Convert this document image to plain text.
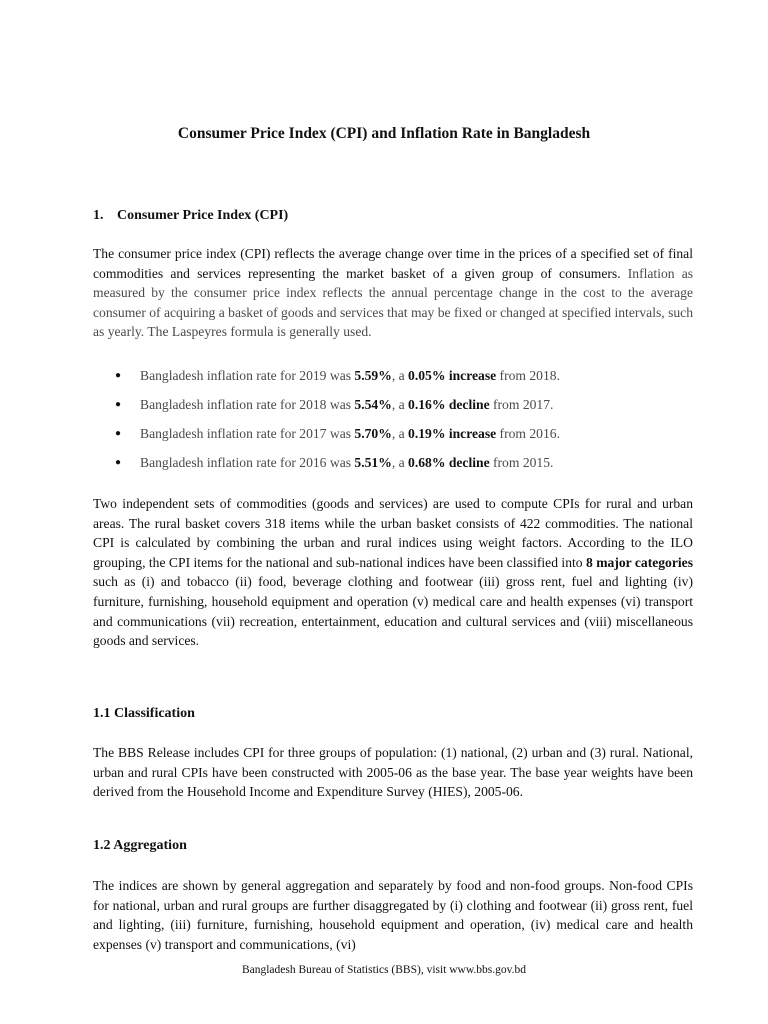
Consumer Price Index (CPI) and Inflation Rate in Bangladesh
1. Consumer Price Index (CPI)

The consumer price index (CPI) reflects the average change over time in the prices of a specified set of final commodities and services representing the market basket of a given group of consumers. Inflation as measured by the consumer price index reflects the annual percentage change in the cost to the average consumer of acquiring a basket of goods and services that may be fixed or changed at specified intervals, such as yearly. The Laspeyres formula is generally used.

● Bangladesh inflation rate for 2019 was 5.59%, a 0.05% increase from 2018.
● Bangladesh inflation rate for 2018 was 5.54%, a 0.16% decline from 2017.
● Bangladesh inflation rate for 2017 was 5.70%, a 0.19% increase from 2016.
● Bangladesh inflation rate for 2016 was 5.51%, a 0.68% decline from 2015.

Two independent sets of commodities (goods and services) are used to compute CPIs for rural and urban areas. The rural basket covers 318 items while the urban basket consists of 422 commodities. The national CPI is calculated by combining the urban and rural indices using weight factors. According to the ILO grouping, the CPI items for the national and sub-national indices have been classified into 8 major categories such as (i) and tobacco (ii) food, beverage clothing and footwear (iii) gross rent, fuel and lighting (iv) furniture, furnishing, household equipment and operation (v) medical care and health expenses (vi) transport and communications (vii) recreation, entertainment, education and cultural services and (viii) miscellaneous goods and services.

1.1 Classification

The BBS Release includes CPI for three groups of population: (1) national, (2) urban and (3) rural. National, urban and rural CPIs have been constructed with 2005-06 as the base year. The base year weights have been derived from the Household Income and Expenditure Survey (HIES), 2005-06.

1.2 Aggregation

The indices are shown by general aggregation and separately by food and non-food groups. Non-food CPIs for national, urban and rural groups are further disaggregated by (i) clothing and footwear (ii) gross rent, fuel and lighting, (iii) furniture, furnishing, household equipment and operation, (iv) medical care and health expenses (v) transport and communications, (vi)

Bangladesh Bureau of Statistics (BBS), visit www.bbs.gov.bd
